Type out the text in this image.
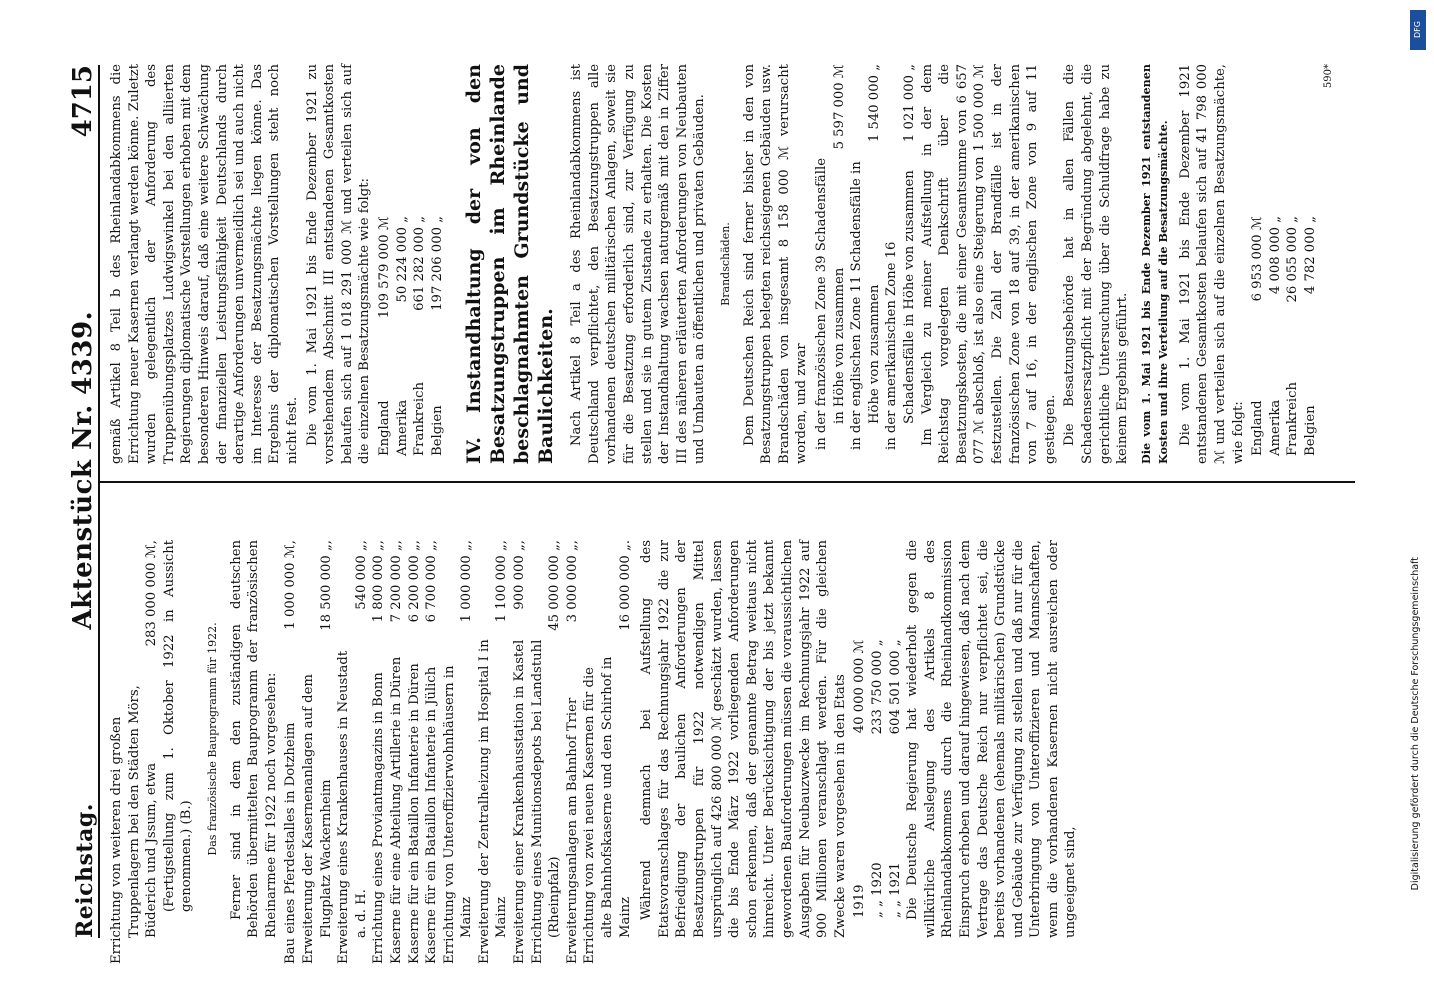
Reichstag.
Aktenstück Nr. 4339.
4715
Errichtung von weiteren drei großen Truppenlagern bei den Städten Mörs, Büderich und Jssum, etwa	283 000 000 ℳ, (Fertigstellung zum 1. Oktober 1922 in Aussicht genommen.) (B.)

Das französische Bauprogramm für 1922. Ferner sind in dem den zuständigen deutschen Behörden übermittelten Bauprogramm der französischen Rheinarmee für 1922 noch vorgesehen: Bau eines Pferdestalles in Dotzheim	1 000 000 ℳ,
Erweiterung der Kasernenanlagen auf dem Flugplatz Wackernheim	18 500 000 „,
Erweiterung eines Krankenhauses in Neustadt a. d. H.	540 000 „,
Errichtung eines Proviantmagazins in Bonn	1 800 000 „,
Kaserne für eine Abteilung Artillerie in Düren	7 200 000 „,
Kaserne für ein Bataillon Infanterie in Düren	6 200 000 „,
Kaserne für ein Bataillon Infanterie in Jülich	6 700 000 „,
Errichtung von Unteroffizierwohnhäusern in Mainz	1 000 000 „,
Erweiterung der Zentralheizung im Hospital I in Mainz	1 100 000 „,
Erweiterung einer Krankenhausstation in Kastel	900 000 „,
Errichtung eines Munitionsdepots bei Landstuhl (Rheinpfalz)	45 000 000 „,
Erweiterungsanlagen am Bahnhof Trier	3 000 000 „,
Errichtung von zwei neuen Kasernen für die alte Bahnhofskaserne und den Schirhof in Mainz	16 000 000 „. Während demnach bei Aufstellung des Etatsvoranschlages für das Rechnungsjahr 1922 die zur Befriedigung der baulichen Anforderungen der Besatzungstruppen für 1922 notwendigen Mittel ursprünglich auf 426 800 000 ℳ geschätzt wurden, lassen die bis Ende März 1922 vorliegenden Anforderungen schon erkennen, daß der genannte Betrag weitaus nicht hinreicht. Unter Berücksichtigung der bis jetzt bekannt gewordenen Bauforderungen müssen die voraussichtlichen Ausgaben für Neubauzwecke im Rechnungsjahr 1922 auf 900 Millionen veranschlagt werden. Für die gleichen Zwecke waren vorgesehen in den Etats 1919	40 000 000 ℳ
„ „ 1920	233 750 000 „
„ „ 1921	604 501 000 „ Die Deutsche Regierung hat wiederholt gegen die willkürliche Auslegung des Artikels 8 des Rheinlandabkommens durch die Rheinlandkommission Einspruch erhoben und darauf hingewiesen, daß nach dem Vertrage das Deutsche Reich nur verpflichtet sei, die bereits vorhandenen (ehemals militärischen) Grundstücke und Gebäude zur Verfügung zu stellen und daß nur für die Unterbringung von Unteroffizieren und Mannschaften, wenn die vorhandenen Kasernen nicht ausreichen oder ungeeignet sind,

gemäß Artikel 8 Teil b des Rheinlandabkommens die Errichtung neuer Kasernen verlangt werden könne. Zuletzt wurden gelegentlich der Anforderung des Truppenübungsplatzes Ludwigswinkel bei den alliierten Regierungen diplomatische Vorstellungen erhoben mit dem besonderen Hinweis darauf, daß eine weitere Schwächung der finanziellen Leistungsfähigkeit Deutschlands durch derartige Anforderungen unvermeidlich sei und auch nicht im Interesse der Besatzungsmächte liegen könne. Das Ergebnis der diplomatischen Vorstellungen steht noch nicht fest. Die vom 1. Mai 1921 bis Ende Dezember 1921 zu vorstehendem Abschnitt III entstandenen Gesamtkosten belaufen sich auf 1 018 291 000 ℳ und verteilen sich auf die einzelnen Besatzungsmächte wie folgt: England	109 579 000 ℳ
Amerika	50 224 000 „
Frankreich	661 282 000 „
Belgien	197 206 000 „ IV. Instandhaltung der von den Besatzungstruppen im Rheinlande beschlagnahmten Grundstücke und Baulichkeiten. Nach Artikel 8 Teil a des Rheinlandabkommens ist Deutschland verpflichtet, den Besatzungstruppen alle vorhandenen deutschen militärischen Anlagen, soweit sie für die Besatzung erforderlich sind, zur Verfügung zu stellen und sie in gutem Zustande zu erhalten. Die Kosten der Instandhaltung wachsen naturgemäß mit den in Ziffer III des näheren erläuterten Anforderungen von Neubauten und Umbauten an öffentlichen und privaten Gebäuden. Brandschäden. Dem Deutschen Reich sind ferner bisher in den von Besatzungstruppen belegten reichseigenen Gebäuden usw. Brandschäden von insgesamt 8 158 000 ℳ verursacht worden, und zwar in der französischen Zone 39 Schadensfälle in Höhe von zusammen	5 597 000 ℳ
in der englischen Zone 11 Schadensfälle in Höhe von zusammen	1 540 000 „
in der amerikanischen Zone 16 Schadensfälle in Höhe von zusammen	1 021 000 „ Im Vergleich zu meiner Aufstellung in der dem Reichstag vorgelegten Denkschrift über die Besatzungskosten, die mit einer Gesamtsumme von 6 657 077 ℳ abschloß, ist also eine Steigerung von 1 500 000 ℳ festzustellen. Die Zahl der Brandfälle ist in der französischen Zone von 18 auf 39, in der amerikanischen von 7 auf 16, in der englischen Zone von 9 auf 11 gestiegen. Die Besatzungsbehörde hat in allen Fällen die Schadensersatzpflicht mit der Begründung abgelehnt, die gerichtliche Untersuchung über die Schuldfrage habe zu keinem Ergebnis geführt. Die vom 1. Mai 1921 bis Ende Dezember 1921 entstandenen Kosten und ihre Verteilung auf die Besatzungsmächte. Die vom 1. Mai 1921 bis Ende Dezember 1921 entstandenen Gesamtkosten belaufen sich auf 41 798 000 ℳ und verteilen sich auf die einzelnen Besatzungsmächte, wie folgt: England	6 953 000 ℳ
Amerika	4 008 000 „
Frankreich	26 055 000 „
Belgien	4 782 000 „

590*

DFG
Digitalisierung gefördert durch die Deutsche Forschungsgemeinschaft
